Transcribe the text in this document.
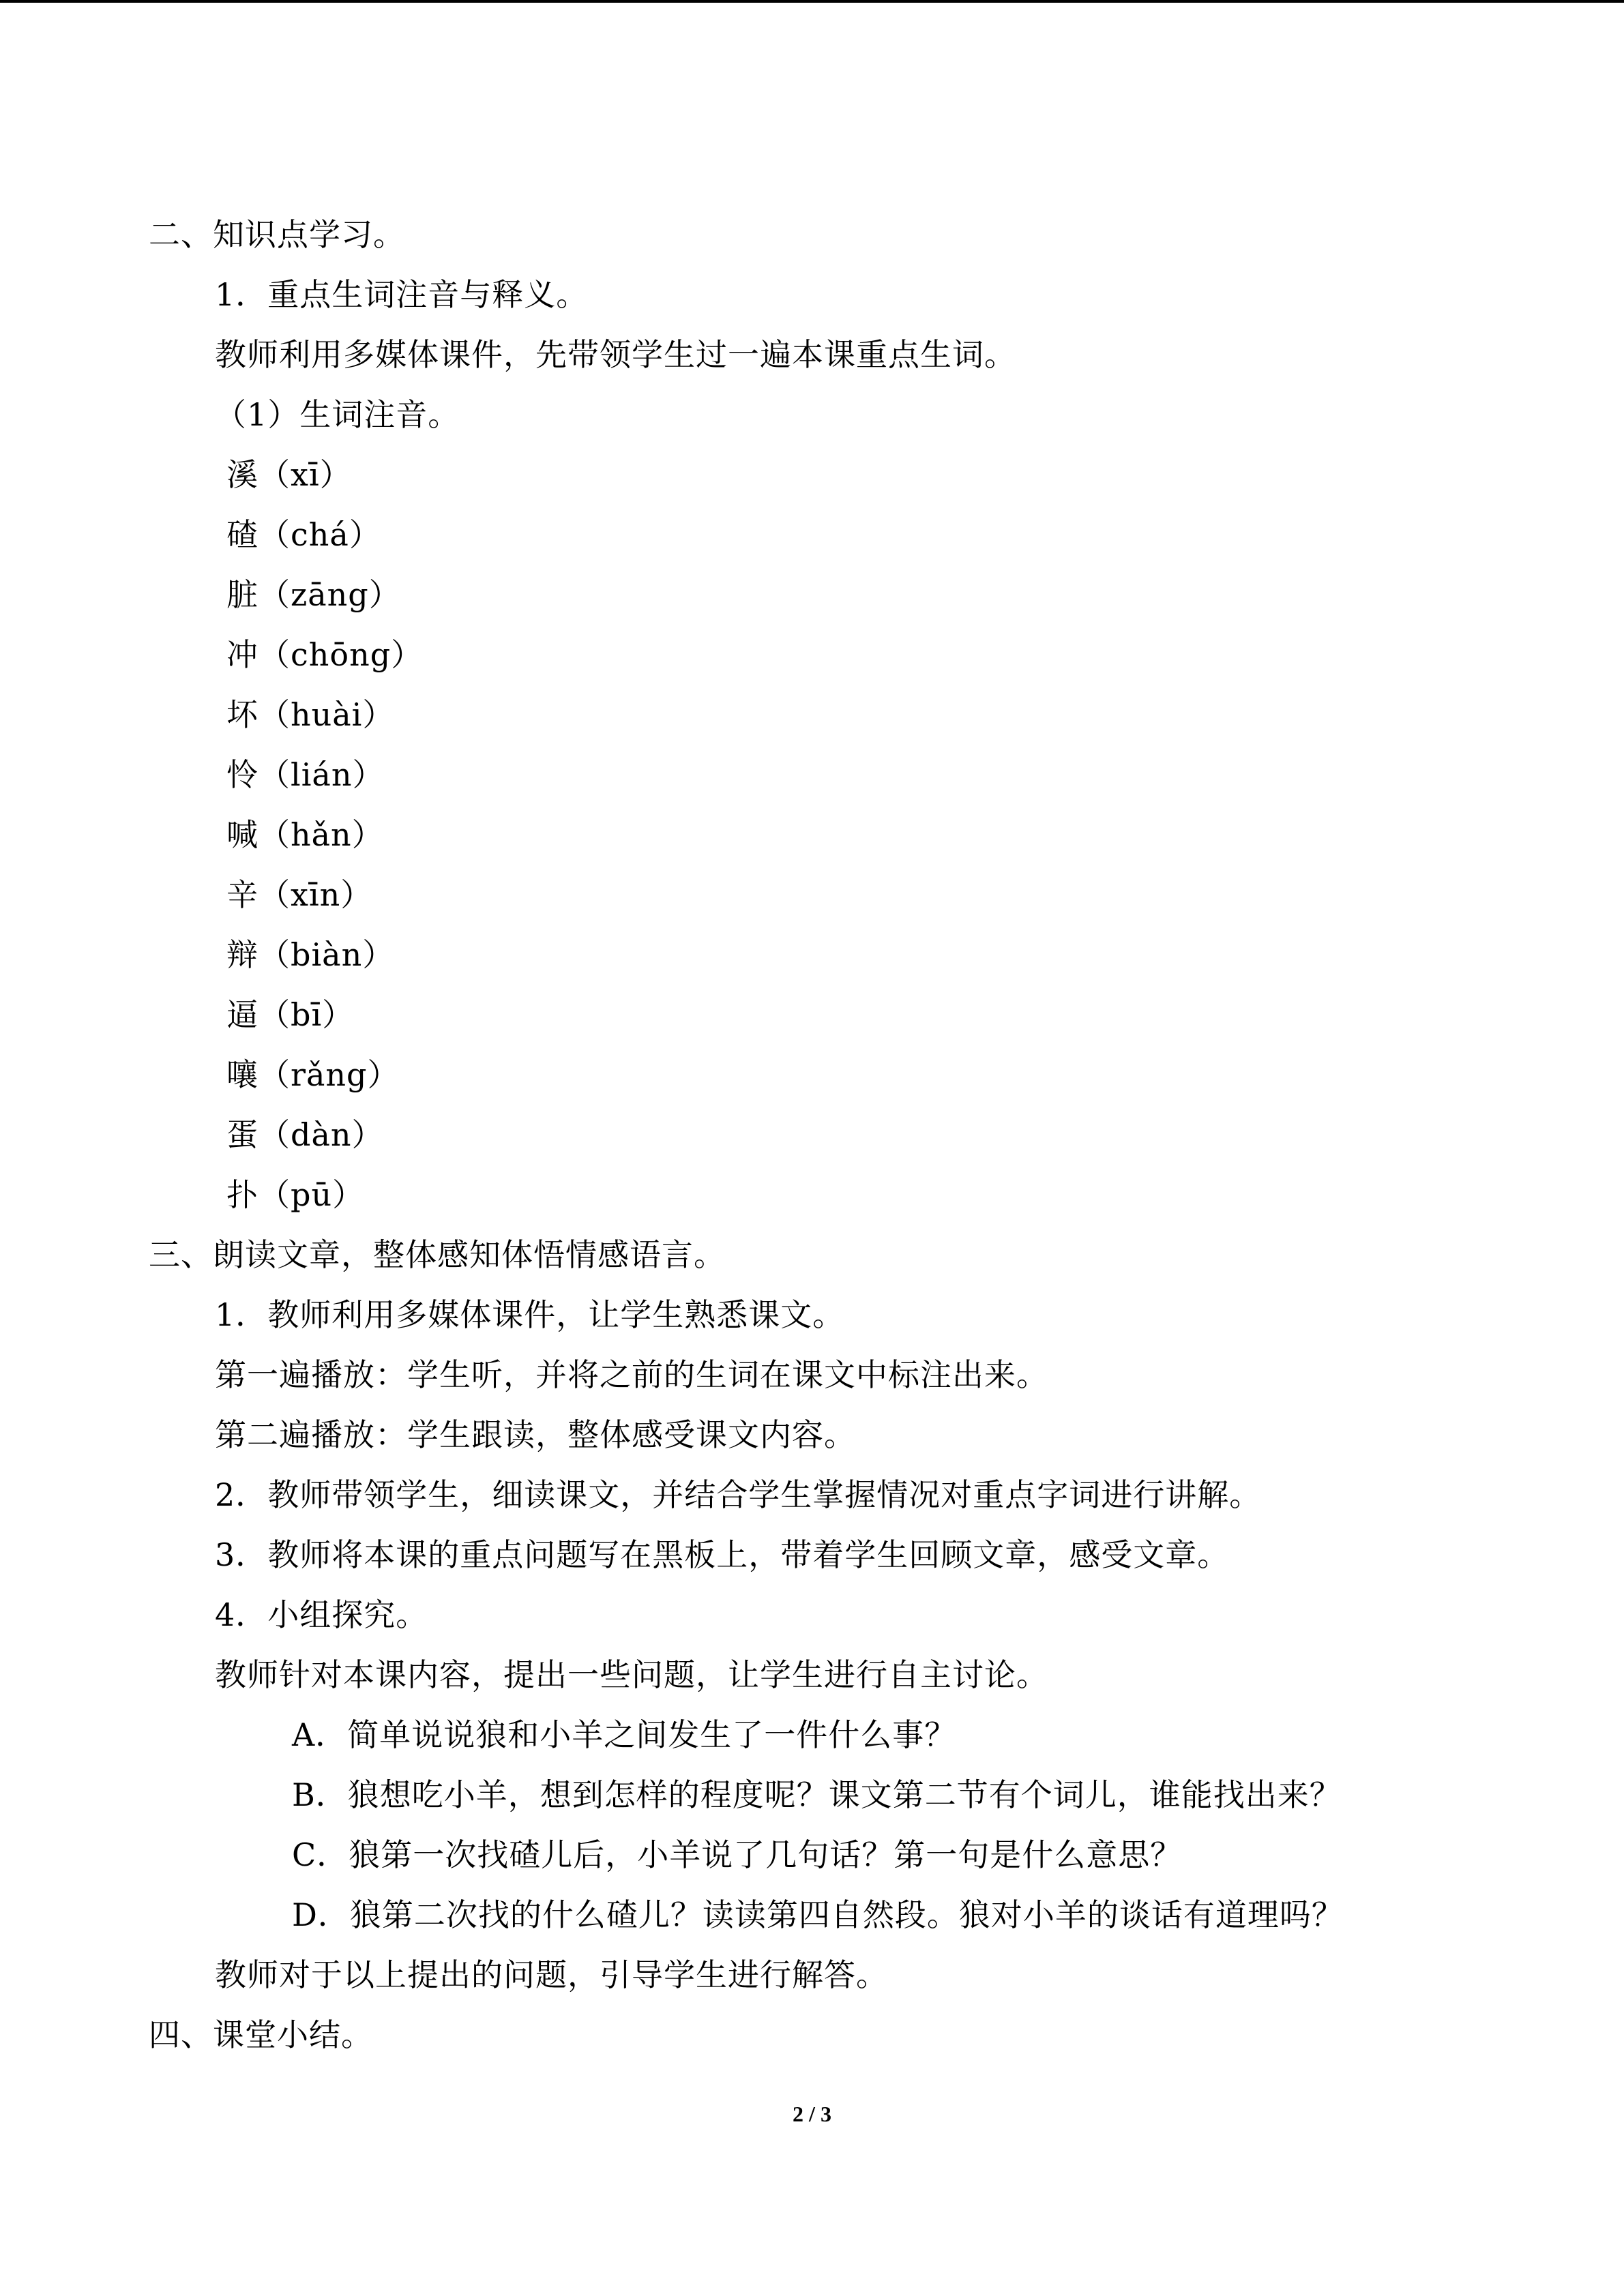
二、知识点学习。
1．重点生词注音与释义。
教师利用多媒体课件，先带领学生过一遍本课重点生词。
（1）生词注音。
溪（xī）
碴（chá）
脏（zāng）
冲（chōng）
坏（huài）
怜（lián）
喊（hǎn）
辛（xīn）
辩（biàn）
逼（bī）
嚷（rǎng）
蛋（dàn）
扑（pū）
三、朗读文章，整体感知体悟情感语言。
1．教师利用多媒体课件，让学生熟悉课文。
第一遍播放：学生听，并将之前的生词在课文中标注出来。
第二遍播放：学生跟读，整体感受课文内容。
2．教师带领学生，细读课文，并结合学生掌握情况对重点字词进行讲解。
3．教师将本课的重点问题写在黑板上，带着学生回顾文章，感受文章。
4．小组探究。
教师针对本课内容，提出一些问题，让学生进行自主讨论。
A．简单说说狼和小羊之间发生了一件什么事？
B．狼想吃小羊，想到怎样的程度呢？课文第二节有个词儿，谁能找出来？
C．狼第一次找碴儿后，小羊说了几句话？第一句是什么意思？
D．狼第二次找的什么碴儿？读读第四自然段。狼对小羊的谈话有道理吗？
教师对于以上提出的问题，引导学生进行解答。
四、课堂小结。
2 / 3
